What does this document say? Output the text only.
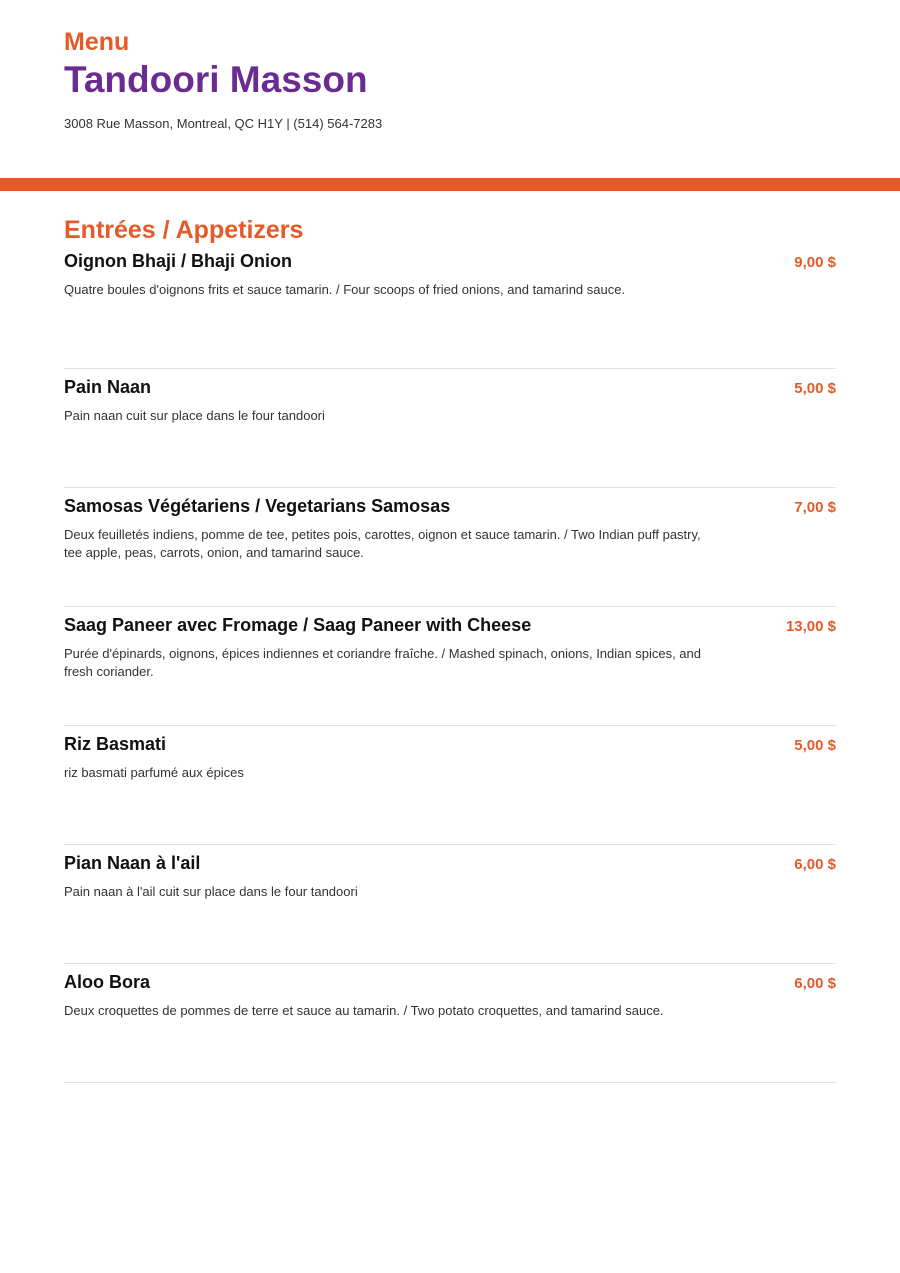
Menu
Tandoori Masson
3008 Rue Masson, Montreal, QC H1Y | (514) 564-7283
Entrées / Appetizers
Oignon Bhaji / Bhaji Onion	9,00 $
Quatre boules d'oignons frits et sauce tamarin. / Four scoops of fried onions, and tamarind sauce.
Pain Naan	5,00 $
Pain naan cuit sur place dans le four tandoori
Samosas Végétariens / Vegetarians Samosas	7,00 $
Deux feuilletés indiens, pomme de tee, petites pois, carottes, oignon et sauce tamarin. / Two Indian puff pastry, tee apple, peas, carrots, onion, and tamarind sauce.
Saag Paneer avec Fromage / Saag Paneer with Cheese	13,00 $
Purée d'épinards, oignons, épices indiennes et coriandre fraîche. / Mashed spinach, onions, Indian spices, and fresh coriander.
Riz Basmati	5,00 $
riz basmati parfumé aux épices
Pian Naan à l'ail	6,00 $
Pain naan à l'ail cuit sur place dans le four tandoori
Aloo Bora	6,00 $
Deux croquettes de pommes de terre et sauce au tamarin. / Two potato croquettes, and tamarind sauce.
